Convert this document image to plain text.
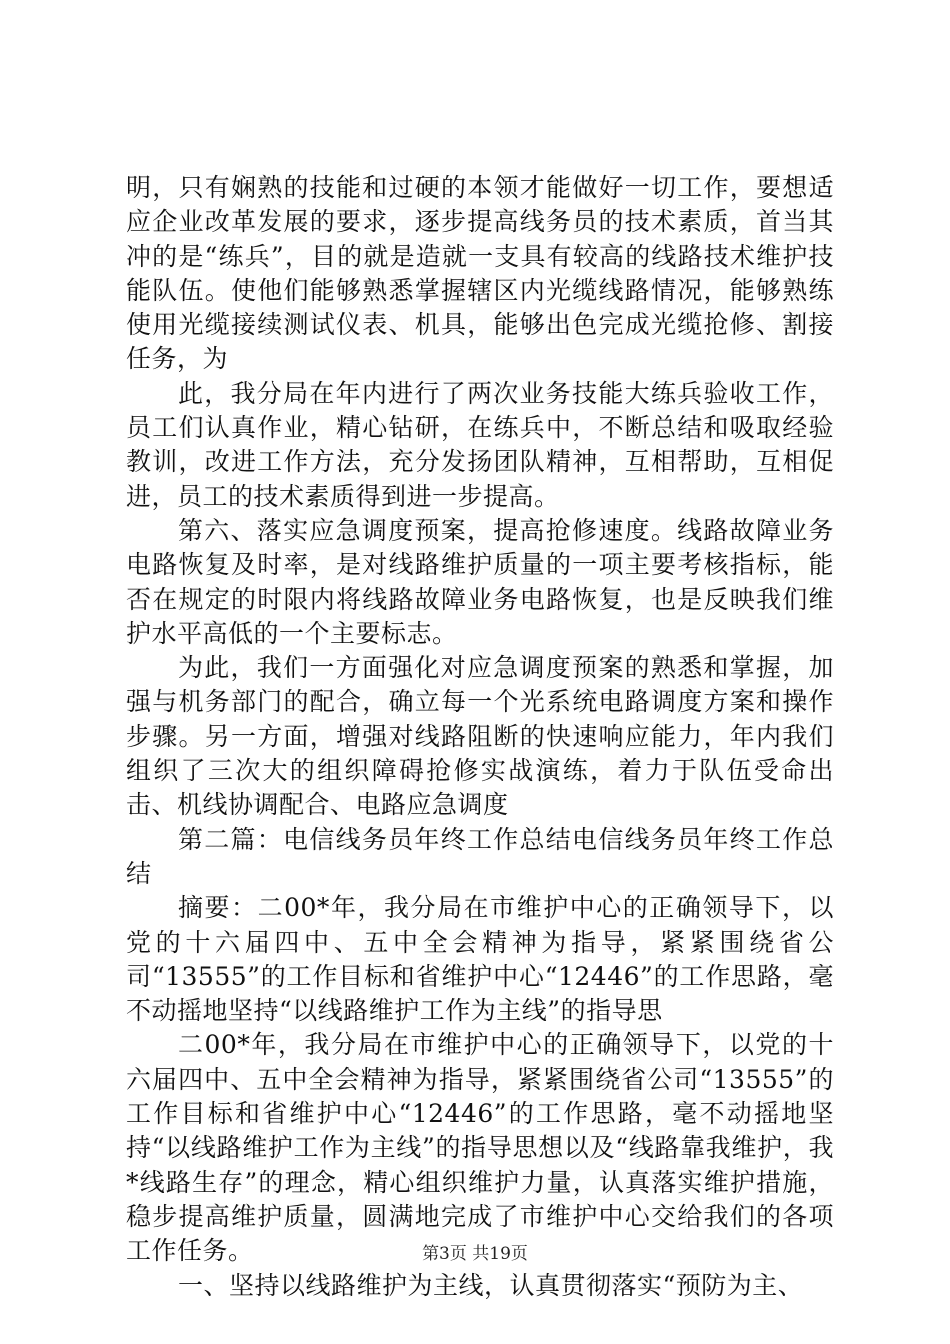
明，只有娴熟的技能和过硬的本领才能做好一切工作，要想适应企业改革发展的要求，逐步提高线务员的技术素质，首当其冲的是“练兵”，目的就是造就一支具有较高的线路技术维护技能队伍。使他们能够熟悉掌握辖区内光缆线路情况，能够熟练使用光缆接续测试仪表、机具，能够出色完成光缆抢修、割接任务，为

此，我分局在年内进行了两次业务技能大练兵验收工作，员工们认真作业，精心钻研，在练兵中，不断总结和吸取经验教训，改进工作方法，充分发扬团队精神，互相帮助，互相促进，员工的技术素质得到进一步提高。

第六、落实应急调度预案，提高抢修速度。线路故障业务电路恢复及时率，是对线路维护质量的一项主要考核指标，能否在规定的时限内将线路故障业务电路恢复，也是反映我们维护水平高低的一个主要标志。

为此，我们一方面强化对应急调度预案的熟悉和掌握，加强与机务部门的配合，确立每一个光系统电路调度方案和操作步骤。另一方面，增强对线路阻断的快速响应能力，年内我们组织了三次大的组织障碍抢修实战演练，着力于队伍受命出击、机线协调配合、电路应急调度

第二篇：电信线务员年终工作总结电信线务员年终工作总结

摘要：二00*年，我分局在市维护中心的正确领导下，以党的十六届四中、五中全会精神为指导，紧紧围绕省公司“13555”的工作目标和省维护中心“12446”的工作思路，毫不动摇地坚持“以线路维护工作为主线”的指导思

二00*年，我分局在市维护中心的正确领导下，以党的十六届四中、五中全会精神为指导，紧紧围绕省公司“13555”的工作目标和省维护中心“12446”的工作思路，毫不动摇地坚持“以线路维护工作为主线”的指导思想以及“线路靠我维护，我*线路生存”的理念，精心组织维护力量，认真落实维护措施，稳步提高维护质量，圆满地完成了市维护中心交给我们的各项工作任务。

一、坚持以线路维护为主线，认真贯彻落实“预防为主、

第3页 共19页
